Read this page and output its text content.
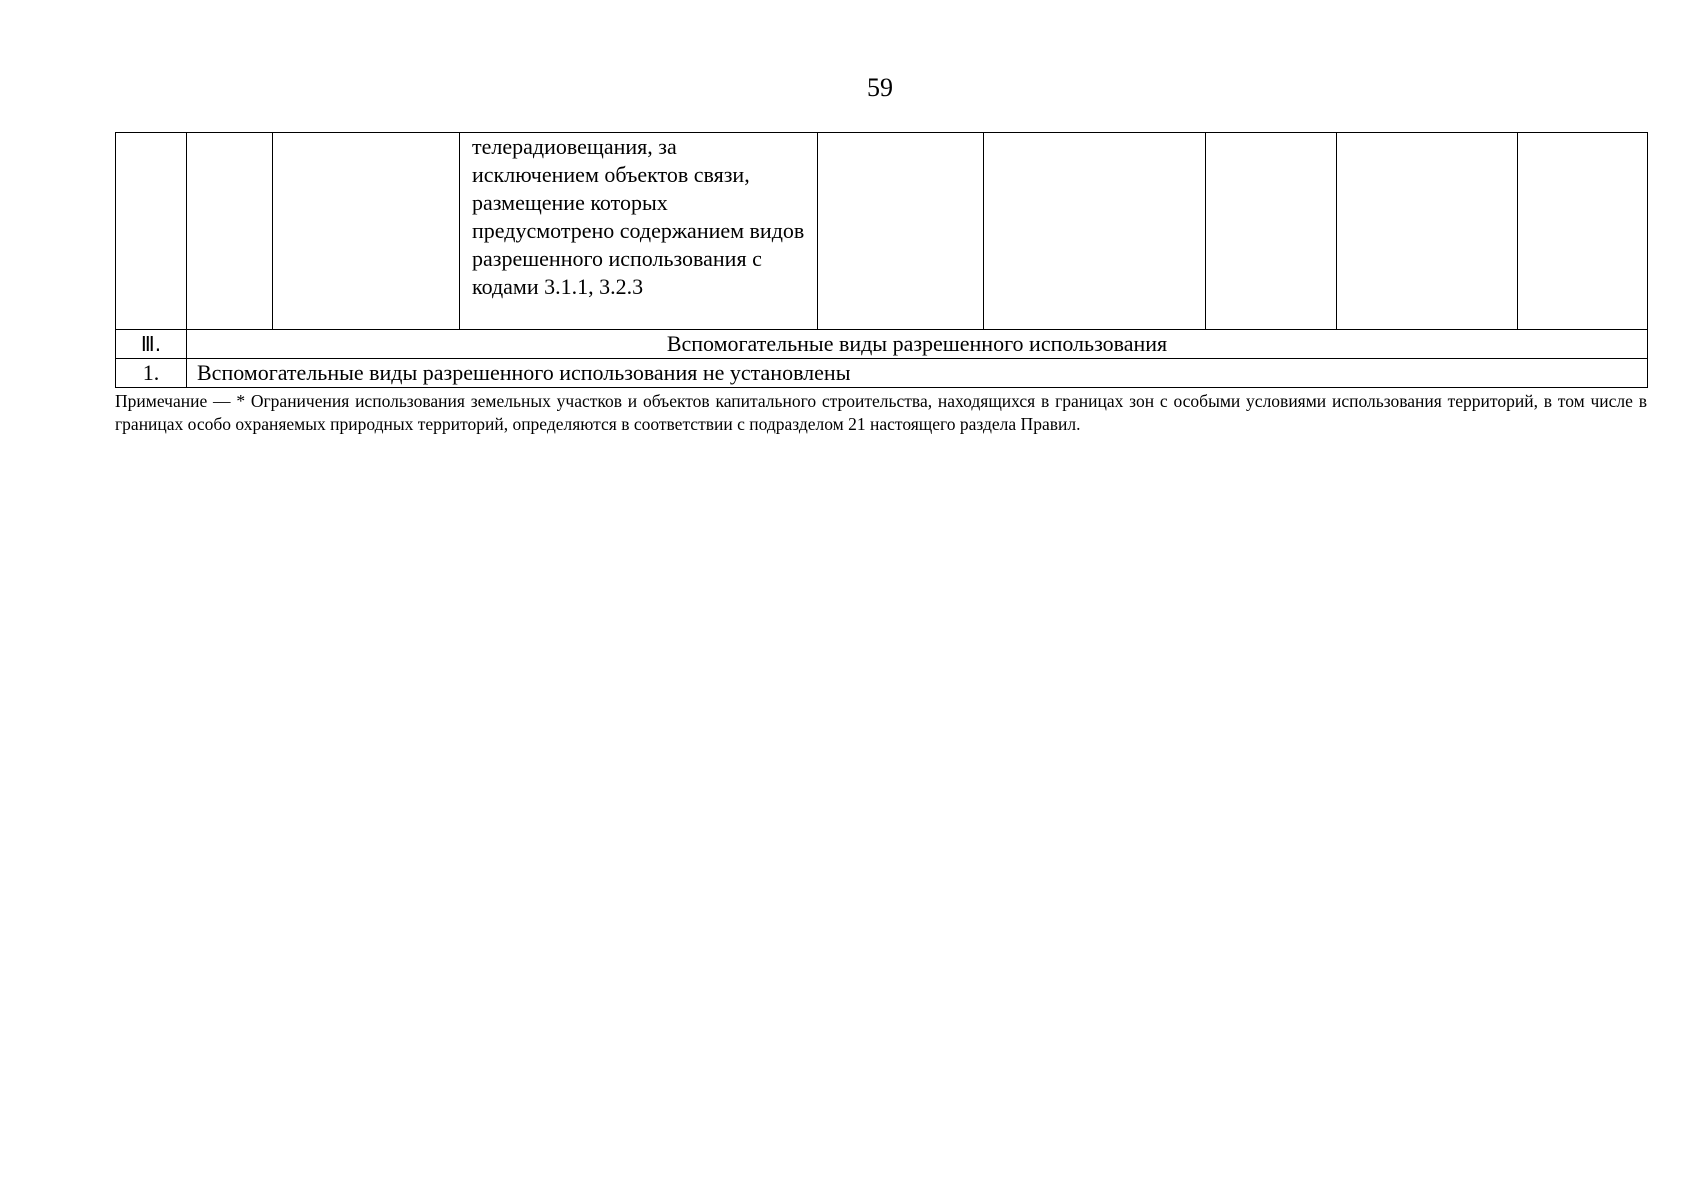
59
			телерадиовещания, за исключением объектов связи, размещение которых предусмотрено содержанием видов разрешенного использования с кодами 3.1.1, 3.2.3					
Ⅲ.	Вспомогательные виды разрешенного использования							
1.	Вспомогательные виды разрешенного использования не установлены							
Примечание — * Ограничения использования земельных участков и объектов капитального строительства, находящихся в границах зон с особыми условиями использования территорий, в том числе в границах особо охраняемых природных территорий, определяются в соответствии с подразделом 21 настоящего раздела Правил.
